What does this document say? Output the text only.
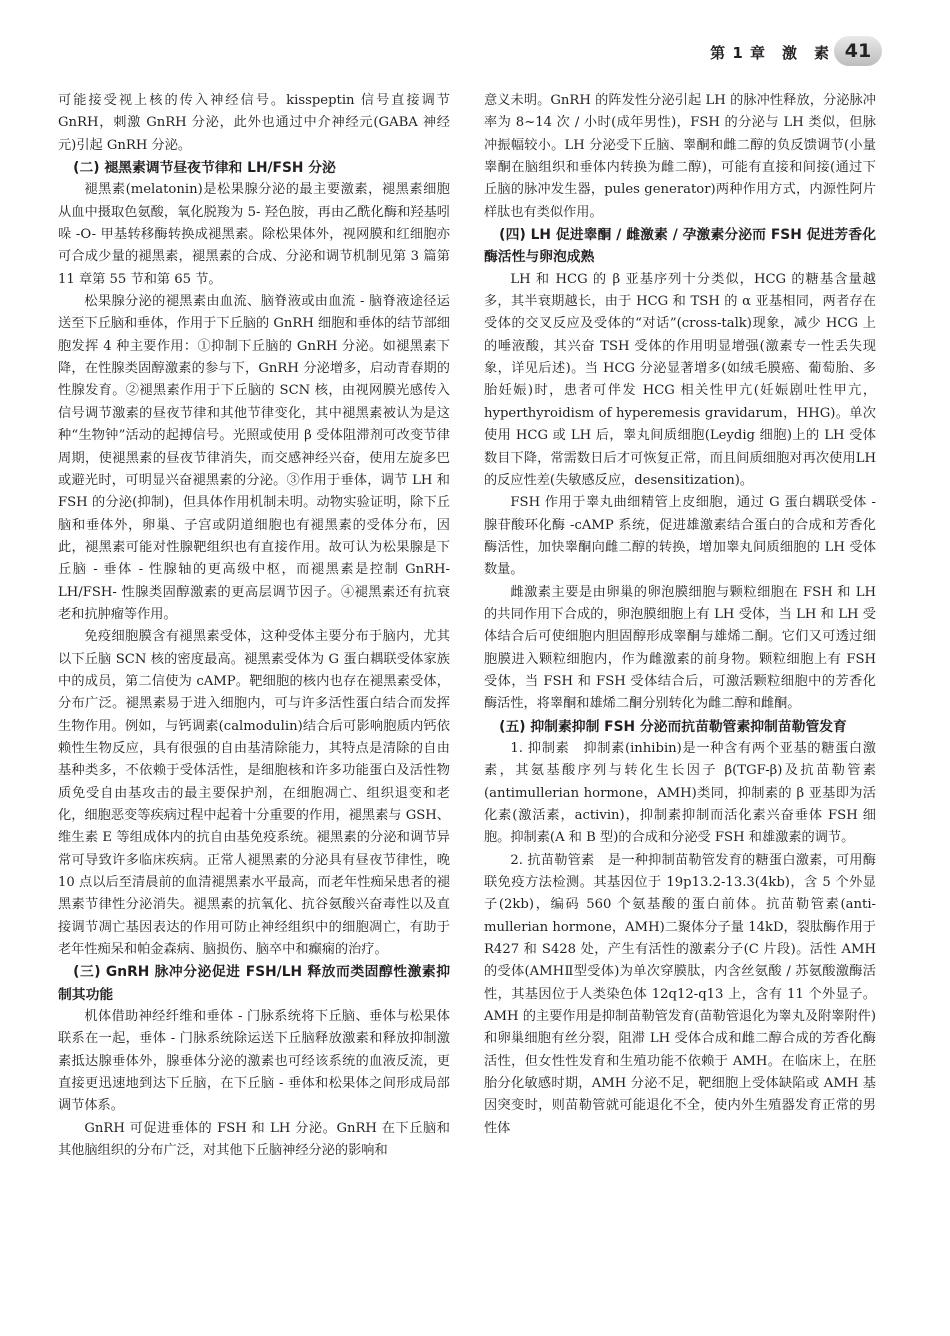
第 1 章　激　素 41

可能接受视上核的传入神经信号。kisspeptin 信号直接调节 GnRH，刺激 GnRH 分泌，此外也通过中介神经元(GABA 神经元)引起 GnRH 分泌。

(二) 褪黑素调节昼夜节律和 LH/FSH 分泌

褪黑素(melatonin)是松果腺分泌的最主要激素，褪黑素细胞从血中摄取色氨酸，氧化脱羧为 5- 羟色胺，再由乙酰化酶和羟基吲哚 -O- 甲基转移酶转换成褪黑素。除松果体外，视网膜和红细胞亦可合成少量的褪黑素，褪黑素的合成、分泌和调节机制见第 3 篇第 11 章第 55 节和第 65 节。

松果腺分泌的褪黑素由血流、脑脊液或由血流 - 脑脊液途径运送至下丘脑和垂体，作用于下丘脑的 GnRH 细胞和垂体的结节部细胞发挥 4 种主要作用：①抑制下丘脑的 GnRH 分泌。如褪黑素下降，在性腺类固醇激素的参与下，GnRH 分泌增多，启动青春期的性腺发育。②褪黑素作用于下丘脑的 SCN 核，由视网膜光感传入信号调节激素的昼夜节律和其他节律变化，其中褪黑素被认为是这种“生物钟”活动的起搏信号。光照或使用 β 受体阻滞剂可改变节律周期，使褪黑素的昼夜节律消失，而交感神经兴奋，使用左旋多巴或避光时，可明显兴奋褪黑素的分泌。③作用于垂体，调节 LH 和 FSH 的分泌(抑制)，但具体作用机制未明。动物实验证明，除下丘脑和垂体外，卵巢、子宫或阴道细胞也有褪黑素的受体分布，因此，褪黑素可能对性腺靶组织也有直接作用。故可认为松果腺是下丘脑 - 垂体 - 性腺轴的更高级中枢，而褪黑素是控制 GnRH-LH/FSH- 性腺类固醇激素的更高层调节因子。④褪黑素还有抗衰老和抗肿瘤等作用。

免疫细胞膜含有褪黑素受体，这种受体主要分布于脑内，尤其以下丘脑 SCN 核的密度最高。褪黑素受体为 G 蛋白耦联受体家族中的成员，第二信使为 cAMP。靶细胞的核内也存在褪黑素受体，分布广泛。褪黑素易于进入细胞内，可与许多活性蛋白结合而发挥生物作用。例如，与钙调素(calmodulin)结合后可影响胞质内钙依赖性生物反应，具有很强的自由基清除能力，其特点是清除的自由基种类多，不依赖于受体活性，是细胞核和许多功能蛋白及活性物质免受自由基攻击的最主要保护剂，在细胞凋亡、组织退变和老化，细胞恶变等疾病过程中起着十分重要的作用，褪黑素与 GSH、维生素 E 等组成体内的抗自由基免疫系统。褪黑素的分泌和调节异常可导致许多临床疾病。正常人褪黑素的分泌具有昼夜节律性，晚 10 点以后至清晨前的血清褪黑素水平最高，而老年性痴呆患者的褪黑素节律性分泌消失。褪黑素的抗氧化、抗谷氨酸兴奋毒性以及直接调节凋亡基因表达的作用可防止神经组织中的细胞凋亡，有助于老年性痴呆和帕金森病、脑损伤、脑卒中和癫痫的治疗。

(三) GnRH 脉冲分泌促进 FSH/LH 释放而类固醇性激素抑制其功能

机体借助神经纤维和垂体 - 门脉系统将下丘脑、垂体与松果体联系在一起，垂体 - 门脉系统除运送下丘脑释放激素和释放抑制激素抵达腺垂体外，腺垂体分泌的激素也可经该系统的血液反流，更直接更迅速地到达下丘脑，在下丘脑 - 垂体和松果体之间形成局部调节体系。

GnRH 可促进垂体的 FSH 和 LH 分泌。GnRH 在下丘脑和其他脑组织的分布广泛，对其他下丘脑神经分泌的影响和

意义未明。GnRH 的阵发性分泌引起 LH 的脉冲性释放，分泌脉冲率为 8~14 次 / 小时(成年男性)，FSH 的分泌与 LH 类似，但脉冲振幅较小。LH 分泌受下丘脑、睾酮和雌二醇的负反馈调节(小量睾酮在脑组织和垂体内转换为雌二醇)，可能有直接和间接(通过下丘脑的脉冲发生器，pules generator)两种作用方式，内源性阿片样肽也有类似作用。

(四) LH 促进睾酮 / 雌激素 / 孕激素分泌而 FSH 促进芳香化酶活性与卵泡成熟

LH 和 HCG 的 β 亚基序列十分类似，HCG 的糖基含量越多，其半衰期越长，由于 HCG 和 TSH 的 α 亚基相同，两者存在受体的交叉反应及受体的“对话”(cross-talk)现象，减少 HCG 上的唾液酸，其兴奋 TSH 受体的作用明显增强(激素专一性丢失现象，详见后述)。当 HCG 分泌显著增多(如绒毛膜癌、葡萄胎、多胎妊娠)时，患者可伴发 HCG 相关性甲亢(妊娠剧吐性甲亢，hyperthyroidism of hyperemesis gravidarum，HHG)。单次使用 HCG 或 LH 后，睾丸间质细胞(Leydig 细胞)上的 LH 受体数目下降，常需数日后才可恢复正常，而且间质细胞对再次使用LH的反应性差(失敏感反应，desensitization)。

FSH 作用于睾丸曲细精管上皮细胞，通过 G 蛋白耦联受体 - 腺苷酸环化酶 -cAMP 系统，促进雄激素结合蛋白的合成和芳香化酶活性，加快睾酮向雌二醇的转换，增加睾丸间质细胞的 LH 受体数量。

雌激素主要是由卵巢的卵泡膜细胞与颗粒细胞在 FSH 和 LH 的共同作用下合成的，卵泡膜细胞上有 LH 受体，当 LH 和 LH 受体结合后可使细胞内胆固醇形成睾酮与雄烯二酮。它们又可透过细胞膜进入颗粒细胞内，作为雌激素的前身物。颗粒细胞上有 FSH 受体，当 FSH 和 FSH 受体结合后，可激活颗粒细胞中的芳香化酶活性，将睾酮和雄烯二酮分别转化为雌二醇和雌酮。

(五) 抑制素抑制 FSH 分泌而抗苗勒管素抑制苗勒管发育

1. 抑制素　抑制素(inhibin)是一种含有两个亚基的糖蛋白激素，其氨基酸序列与转化生长因子 β(TGF-β)及抗苗勒管素(antimullerian hormone，AMH)类同，抑制素的 β 亚基即为活化素(激活素，activin)，抑制素抑制而活化素兴奋垂体 FSH 细胞。抑制素(A 和 B 型)的合成和分泌受 FSH 和雄激素的调节。

2. 抗苗勒管素　是一种抑制苗勒管发育的糖蛋白激素，可用酶联免疫方法检测。其基因位于 19p13.2-13.3(4kb)，含 5 个外显子(2kb)，编码 560 个氨基酸的蛋白前体。抗苗勒管素(anti-mullerian hormone，AMH)二聚体分子量 14kD，裂肽酶作用于 R427 和 S428 处，产生有活性的激素分子(C 片段)。活性 AMH 的受体(AMHⅡ型受体)为单次穿膜肽，内含丝氨酸 / 苏氨酸激酶活性，其基因位于人类染色体 12q12-q13 上，含有 11 个外显子。AMH 的主要作用是抑制苗勒管发育(苗勒管退化为睾丸及附睾附件)和卵巢细胞有丝分裂，阻滞 LH 受体合成和雌二醇合成的芳香化酶活性，但女性性发育和生殖功能不依赖于 AMH。在临床上，在胚胎分化敏感时期，AMH 分泌不足，靶细胞上受体缺陷或 AMH 基因突变时，则苗勒管就可能退化不全，使内外生殖器发育正常的男性体
